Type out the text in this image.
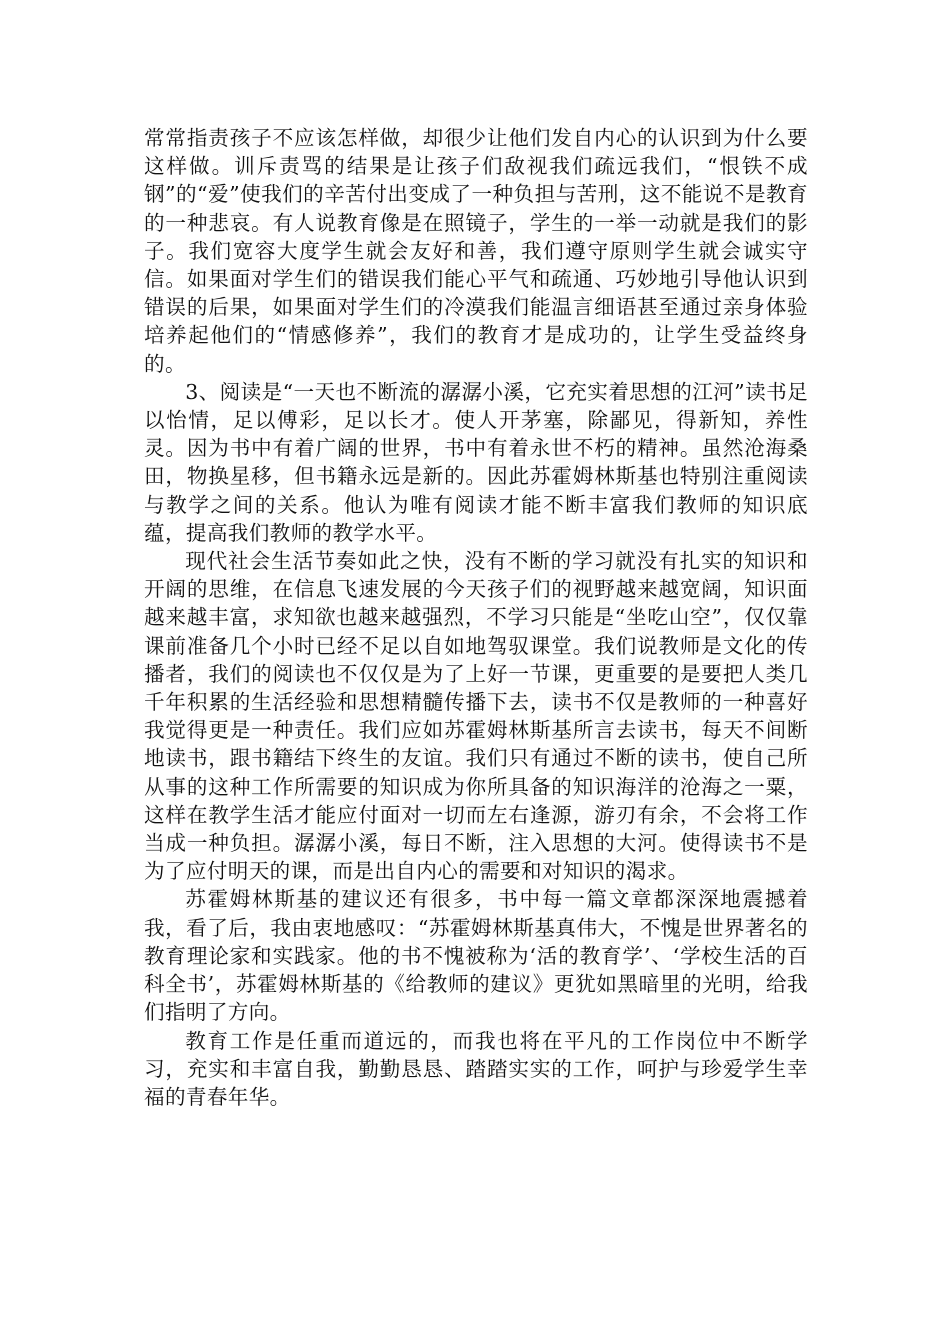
常常指责孩子不应该怎样做，却很少让他们发自内心的认识到为什么要这样做。训斥责骂的结果是让孩子们敌视我们疏远我们，“恨铁不成钢”的“爱”使我们的辛苦付出变成了一种负担与苦刑，这不能说不是教育的一种悲哀。有人说教育像是在照镜子，学生的一举一动就是我们的影子。我们宽容大度学生就会友好和善，我们遵守原则学生就会诚实守信。如果面对学生们的错误我们能心平气和疏通、巧妙地引导他认识到错误的后果，如果面对学生们的冷漠我们能温言细语甚至通过亲身体验培养起他们的“情感修养”，我们的教育才是成功的，让学生受益终身的。

3、阅读是“一天也不断流的潺潺小溪，它充实着思想的江河”读书足以怡情，足以傅彩，足以长才。使人开茅塞，除鄙见，得新知，养性灵。因为书中有着广阔的世界，书中有着永世不朽的精神。虽然沧海桑田，物换星移，但书籍永远是新的。因此苏霍姆林斯基也特别注重阅读与教学之间的关系。他认为唯有阅读才能不断丰富我们教师的知识底蕴，提高我们教师的教学水平。

现代社会生活节奏如此之快，没有不断的学习就没有扎实的知识和开阔的思维，在信息飞速发展的今天孩子们的视野越来越宽阔，知识面越来越丰富，求知欲也越来越强烈，不学习只能是“坐吃山空”，仅仅靠课前准备几个小时已经不足以自如地驾驭课堂。我们说教师是文化的传播者，我们的阅读也不仅仅是为了上好一节课，更重要的是要把人类几千年积累的生活经验和思想精髓传播下去，读书不仅是教师的一种喜好我觉得更是一种责任。我们应如苏霍姆林斯基所言去读书，每天不间断地读书，跟书籍结下终生的友谊。我们只有通过不断的读书，使自己所从事的这种工作所需要的知识成为你所具备的知识海洋的沧海之一粟，这样在教学生活才能应付面对一切而左右逢源，游刃有余，不会将工作当成一种负担。潺潺小溪，每日不断，注入思想的大河。使得读书不是为了应付明天的课，而是出自内心的需要和对知识的渴求。

苏霍姆林斯基的建议还有很多，书中每一篇文章都深深地震撼着我，看了后，我由衷地感叹：“苏霍姆林斯基真伟大，不愧是世界著名的教育理论家和实践家。他的书不愧被称为‘活的教育学’、‘学校生活的百科全书’，苏霍姆林斯基的《给教师的建议》更犹如黑暗里的光明，给我们指明了方向。

教育工作是任重而道远的，而我也将在平凡的工作岗位中不断学习，充实和丰富自我，勤勤恳恳、踏踏实实的工作，呵护与珍爱学生幸福的青春年华。
